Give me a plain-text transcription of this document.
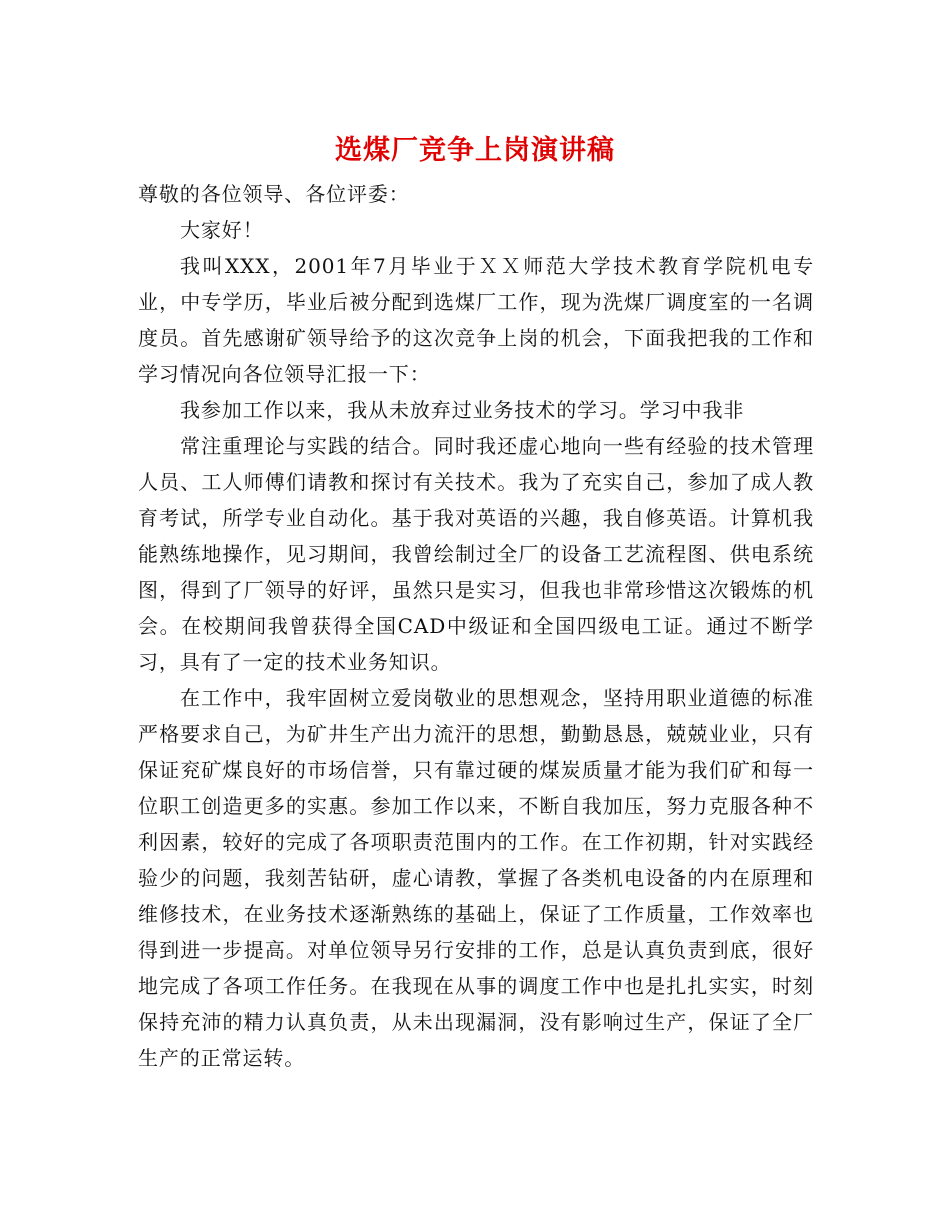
选煤厂竞争上岗演讲稿

尊敬的各位领导、各位评委：

大家好！

我叫XXX，2001年7月毕业于ＸＸ师范大学技术教育学院机电专业，中专学历，毕业后被分配到选煤厂工作，现为洗煤厂调度室的一名调度员。首先感谢矿领导给予的这次竞争上岗的机会，下面我把我的工作和学习情况向各位领导汇报一下：

我参加工作以来，我从未放弃过业务技术的学习。学习中我非

常注重理论与实践的结合。同时我还虚心地向一些有经验的技术管理人员、工人师傅们请教和探讨有关技术。我为了充实自己，参加了成人教育考试，所学专业自动化。基于我对英语的兴趣，我自修英语。计算机我能熟练地操作，见习期间，我曾绘制过全厂的设备工艺流程图、供电系统图，得到了厂领导的好评，虽然只是实习，但我也非常珍惜这次锻炼的机会。在校期间我曾获得全国CAD中级证和全国四级电工证。通过不断学习，具有了一定的技术业务知识。

在工作中，我牢固树立爱岗敬业的思想观念，坚持用职业道德的标准严格要求自己，为矿井生产出力流汗的思想，勤勤恳恳，兢兢业业，只有保证兖矿煤良好的市场信誉，只有靠过硬的煤炭质量才能为我们矿和每一位职工创造更多的实惠。参加工作以来，不断自我加压，努力克服各种不利因素，较好的完成了各项职责范围内的工作。在工作初期，针对实践经验少的问题，我刻苦钻研，虚心请教，掌握了各类机电设备的内在原理和维修技术，在业务技术逐渐熟练的基础上，保证了工作质量，工作效率也得到进一步提高。对单位领导另行安排的工作，总是认真负责到底，很好地完成了各项工作任务。在我现在从事的调度工作中也是扎扎实实，时刻保持充沛的精力认真负责，从未出现漏洞，没有影响过生产，保证了全厂生产的正常运转。
